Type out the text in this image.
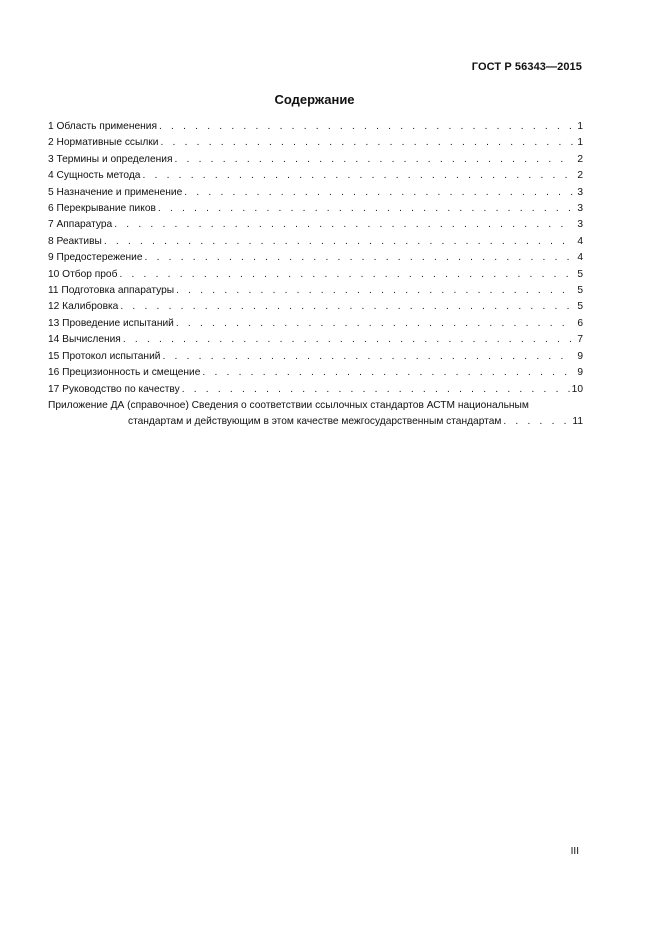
ГОСТ Р 56343—2015
Содержание
1 Область применения . . .	1
2 Нормативные ссылки . . .	1
3 Термины и определения . . .	2
4 Сущность метода . . .	2
5 Назначение и применение . . .	3
6 Перекрывание пиков . . .	3
7 Аппаратура . . .	3
8 Реактивы . . .	4
9 Предостережение . . .	4
10 Отбор проб . . .	5
11 Подготовка аппаратуры . . .	5
12 Калибровка . . .	5
13 Проведение испытаний . . .	6
14 Вычисления . . .	7
15 Протокол испытаний . . .	9
16 Прецизионность и смещение . . .	9
17 Руководство по качеству . . .	10
Приложение ДА (справочное) Сведения о соответствии ссылочных стандартов АСТМ национальным
стандартам и действующим в этом качестве межгосударственным стандартам . . .	11
III
